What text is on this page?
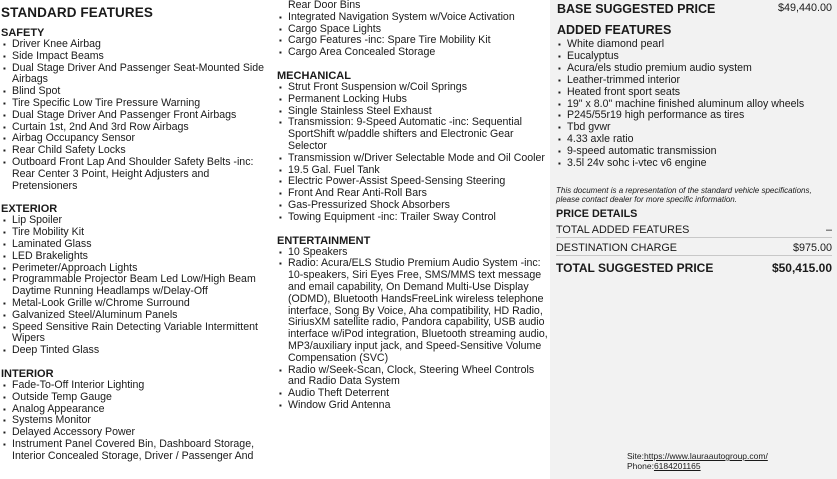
STANDARD FEATURES
SAFETY
▪ Driver Knee Airbag
▪ Side Impact Beams
▪ Dual Stage Driver And Passenger Seat-Mounted Side Airbags
▪ Blind Spot
▪ Tire Specific Low Tire Pressure Warning
▪ Dual Stage Driver And Passenger Front Airbags
▪ Curtain 1st, 2nd And 3rd Row Airbags
▪ Airbag Occupancy Sensor
▪ Rear Child Safety Locks
▪ Outboard Front Lap And Shoulder Safety Belts -inc: Rear Center 3 Point, Height Adjusters and Pretensioners
EXTERIOR
▪ Lip Spoiler
▪ Tire Mobility Kit
▪ Laminated Glass
▪ LED Brakelights
▪ Perimeter/Approach Lights
▪ Programmable Projector Beam Led Low/High Beam Daytime Running Headlamps w/Delay-Off
▪ Metal-Look Grille w/Chrome Surround
▪ Galvanized Steel/Aluminum Panels
▪ Speed Sensitive Rain Detecting Variable Intermittent Wipers
▪ Deep Tinted Glass
INTERIOR
▪ Fade-To-Off Interior Lighting
▪ Outside Temp Gauge
▪ Analog Appearance
▪ Systems Monitor
▪ Delayed Accessory Power
▪ Instrument Panel Covered Bin, Dashboard Storage, Interior Concealed Storage, Driver / Passenger And
Rear Door Bins
▪ Integrated Navigation System w/Voice Activation
▪ Cargo Space Lights
▪ Cargo Features -inc: Spare Tire Mobility Kit
▪ Cargo Area Concealed Storage
MECHANICAL
▪ Strut Front Suspension w/Coil Springs
▪ Permanent Locking Hubs
▪ Single Stainless Steel Exhaust
▪ Transmission: 9-Speed Automatic -inc: Sequential SportShift w/paddle shifters and Electronic Gear Selector
▪ Transmission w/Driver Selectable Mode and Oil Cooler
▪ 19.5 Gal. Fuel Tank
▪ Electric Power-Assist Speed-Sensing Steering
▪ Front And Rear Anti-Roll Bars
▪ Gas-Pressurized Shock Absorbers
▪ Towing Equipment -inc: Trailer Sway Control
ENTERTAINMENT
▪ 10 Speakers
▪ Radio: Acura/ELS Studio Premium Audio System -inc: 10-speakers, Siri Eyes Free, SMS/MMS text message and email capability, On Demand Multi-Use Display (ODMD), Bluetooth HandsFreeLink wireless telephone interface, Song By Voice, Aha compatibility, HD Radio, SiriusXM satellite radio, Pandora capability, USB audio interface w/iPod integration, Bluetooth streaming audio, MP3/auxiliary input jack, and Speed-Sensitive Volume Compensation (SVC)
▪ Radio w/Seek-Scan, Clock, Steering Wheel Controls and Radio Data System
▪ Audio Theft Deterrent
▪ Window Grid Antenna
BASE SUGGESTED PRICE	$49,440.00
ADDED FEATURES
▪ White diamond pearl
▪ Eucalyptus
▪ Acura/els studio premium audio system
▪ Leather-trimmed interior
▪ Heated front sport seats
▪ 19" x 8.0" machine finished aluminum alloy wheels
▪ P245/55r19 high performance as tires
▪ Tbd gvwr
▪ 4.33 axle ratio
▪ 9-speed automatic transmission
▪ 3.5l 24v sohc i-vtec v6 engine
This document is a representation of the standard vehicle specifications, please contact dealer for more specific information.
PRICE DETAILS
TOTAL ADDED FEATURES	–
DESTINATION CHARGE	$975.00
TOTAL SUGGESTED PRICE	$50,415.00
Site:https://www.lauraautogroup.com/
Phone:6184201165
